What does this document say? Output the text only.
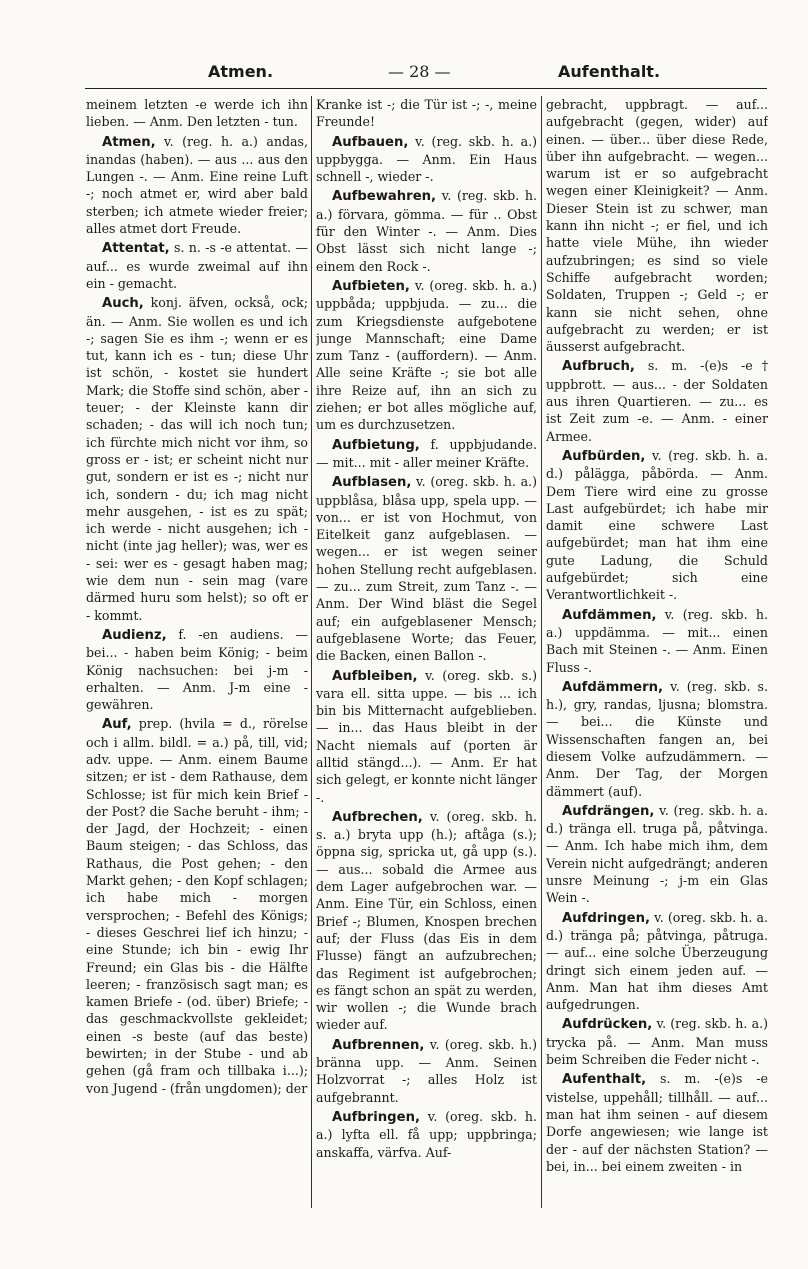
Atmen.	— 28 —	Aufenthalt.

meinem letzten -e werde ich ihn lieben. — Anm. Den letzten - tun.

Atmen, v. (reg. h. a.) andas, inandas (haben). — aus ... aus den Lungen -. — Anm. Eine reine Luft -; noch atmet er, wird aber bald sterben; ich atmete wieder freier; alles atmet dort Freude.

Attentat, s. n. -s -e attentat. — auf... es wurde zweimal auf ihn ein - gemacht.

Auch, konj. äfven, också, ock; än. — Anm. Sie wollen es und ich -; sagen Sie es ihm -; wenn er es tut, kann ich es - tun; diese Uhr ist schön, - kostet sie hundert Mark; die Stoffe sind schön, aber - teuer; - der Kleinste kann dir schaden; - das will ich noch tun; ich fürchte mich nicht vor ihm, so gross er - ist; er scheint nicht nur gut, sondern er ist es -; nicht nur ich, sondern - du; ich mag nicht mehr ausgehen, - ist es zu spät; ich werde - nicht ausgehen; ich - nicht (inte jag heller); was, wer es - sei: wer es - gesagt haben mag; wie dem nun - sein mag (vare därmed huru som helst); so oft er - kommt.

Audienz, f. -en audiens. — bei... - haben beim König; - beim König nachsuchen: bei j-m - erhalten. — Anm. J-m eine - gewähren.

Auf, prep. (hvila = d., rörelse och i allm. bildl. = a.) på, till, vid; adv. uppe. — Anm. einem Baume sitzen; er ist - dem Rathause, dem Schlosse; ist für mich kein Brief - der Post? die Sache beruht - ihm; - der Jagd, der Hochzeit; - einen Baum steigen; - das Schloss, das Rathaus, die Post gehen; - den Markt gehen; - den Kopf schlagen; ich habe mich - morgen versprochen; - Befehl des Königs; - dieses Geschrei lief ich hinzu; - eine Stunde; ich bin - ewig Ihr Freund; ein Glas bis - die Hälfte leeren; - französisch sagt man; es kamen Briefe - (od. über) Briefe; - das geschmackvollste gekleidet; einen -s beste (auf das beste) bewirten; in der Stube - und ab gehen (gå fram och tillbaka i...); von Jugend - (från ungdomen); der

Kranke ist -; die Tür ist -; -, meine Freunde!

Aufbauen, v. (reg. skb. h. a.) uppbygga. — Anm. Ein Haus schnell -, wieder -.

Aufbewahren, v. (reg. skb. h. a.) förvara, gömma. — für .. Obst für den Winter -. — Anm. Dies Obst lässt sich nicht lange -; einem den Rock -.

Aufbieten, v. (oreg. skb. h. a.) uppbåda; uppbjuda. — zu... die zum Kriegsdienste aufgebotene junge Mannschaft; eine Dame zum Tanz - (auffordern). — Anm. Alle seine Kräfte -; sie bot alle ihre Reize auf, ihn an sich zu ziehen; er bot alles mögliche auf, um es durchzusetzen.

Aufbietung, f. uppbjudande. — mit... mit - aller meiner Kräfte.

Aufblasen, v. (oreg. skb. h. a.) uppblåsa, blåsa upp, spela upp. — von... er ist von Hochmut, von Eitelkeit ganz aufgeblasen. — wegen... er ist wegen seiner hohen Stellung recht aufgeblasen. — zu... zum Streit, zum Tanz -. — Anm. Der Wind bläst die Segel auf; ein aufgeblasener Mensch; aufgeblasene Worte; das Feuer, die Backen, einen Ballon -.

Aufbleiben, v. (oreg. skb. s.) vara ell. sitta uppe. — bis ... ich bin bis Mitternacht aufgeblieben. — in... das Haus bleibt in der Nacht niemals auf (porten är alltid stängd...). — Anm. Er hat sich gelegt, er konnte nicht länger -.

Aufbrechen, v. (oreg. skb. h. s. a.) bryta upp (h.); aftåga (s.); öppna sig, spricka ut, gå upp (s.). — aus... sobald die Armee aus dem Lager aufgebrochen war. — Anm. Eine Tür, ein Schloss, einen Brief -; Blumen, Knospen brechen auf; der Fluss (das Eis in dem Flusse) fängt an aufzubrechen; das Regiment ist aufgebrochen; es fängt schon an spät zu werden, wir wollen -; die Wunde brach wieder auf.

Aufbrennen, v. (oreg. skb. h.) bränna upp. — Anm. Seinen Holzvorrat -; alles Holz ist aufgebrannt.

Aufbringen, v. (oreg. skb. h. a.) lyfta ell. få upp; uppbringa; anskaffa, värfva. Auf-

gebracht, uppbragt. — auf... aufgebracht (gegen, wider) auf einen. — über... über diese Rede, über ihn aufgebracht. — wegen... warum ist er so aufgebracht wegen einer Kleinigkeit? — Anm. Dieser Stein ist zu schwer, man kann ihn nicht -; er fiel, und ich hatte viele Mühe, ihn wieder aufzubringen; es sind so viele Schiffe aufgebracht worden; Soldaten, Truppen -; Geld -; er kann sie nicht sehen, ohne aufgebracht zu werden; er ist äusserst aufgebracht.

Aufbruch, s. m. -(e)s -e† uppbrott. — aus... - der Soldaten aus ihren Quartieren. — zu... es ist Zeit zum -e. — Anm. - einer Armee.

Aufbürden, v. (reg. skb. h. a. d.) pålägga, påbörda. — Anm. Dem Tiere wird eine zu grosse Last aufgebürdet; ich habe mir damit eine schwere Last aufgebürdet; man hat ihm eine gute Ladung, die Schuld aufgebürdet; sich eine Verantwortlichkeit -.

Aufdämmen, v. (reg. skb. h. a.) uppdämma. — mit... einen Bach mit Steinen -. — Anm. Einen Fluss -.

Aufdämmern, v. (reg. skb. s. h.), gry, randas, ljusna; blomstra. — bei... die Künste und Wissenschaften fangen an, bei diesem Volke aufzudämmern. — Anm. Der Tag, der Morgen dämmert (auf).

Aufdrängen, v. (reg. skb. h. a. d.) tränga ell. truga på, påtvinga. — Anm. Ich habe mich ihm, dem Verein nicht aufgedrängt; anderen unsre Meinung -; j-m ein Glas Wein -.

Aufdringen, v. (oreg. skb. h. a. d.) tränga på; påtvinga, påtruga. — auf... eine solche Überzeugung dringt sich einem jeden auf. — Anm. Man hat ihm dieses Amt aufgedrungen.

Aufdrücken, v. (reg. skb. h. a.) trycka på. — Anm. Man muss beim Schreiben die Feder nicht -.

Aufenthalt, s. m. -(e)s -e vistelse, uppehåll; tillhåll. — auf... man hat ihm seinen - auf diesem Dorfe angewiesen; wie lange ist der - auf der nächsten Station? — bei, in... bei einem zweiten - in
